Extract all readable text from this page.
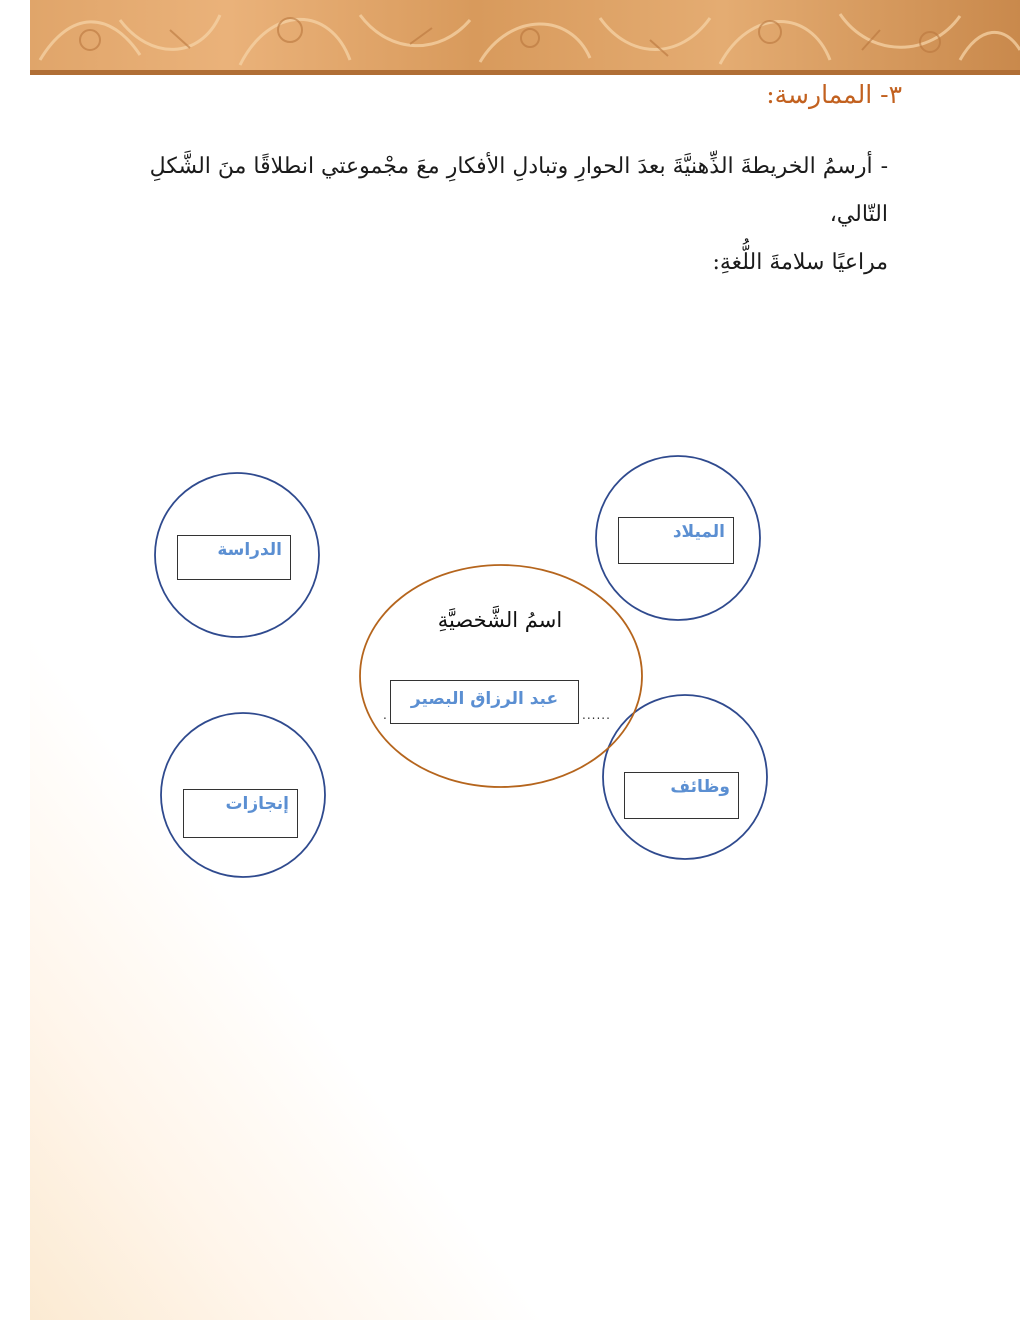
٣- الممارسة:
-أرسمُ الخريطةَ الذِّهنيَّةَ بعدَ الحوارِ وتبادلِ الأفكارِ معَ مجْموعتي انطلاقًا منَ الشَّكلِ التّالي،
مراعيًا سلامةَ اللُّغةِ:
الدراسة
الميلاد
إنجازات
وظائف
اسمُ الشَّخصيَّةِ
عبد الرزاق البصير
......
.
